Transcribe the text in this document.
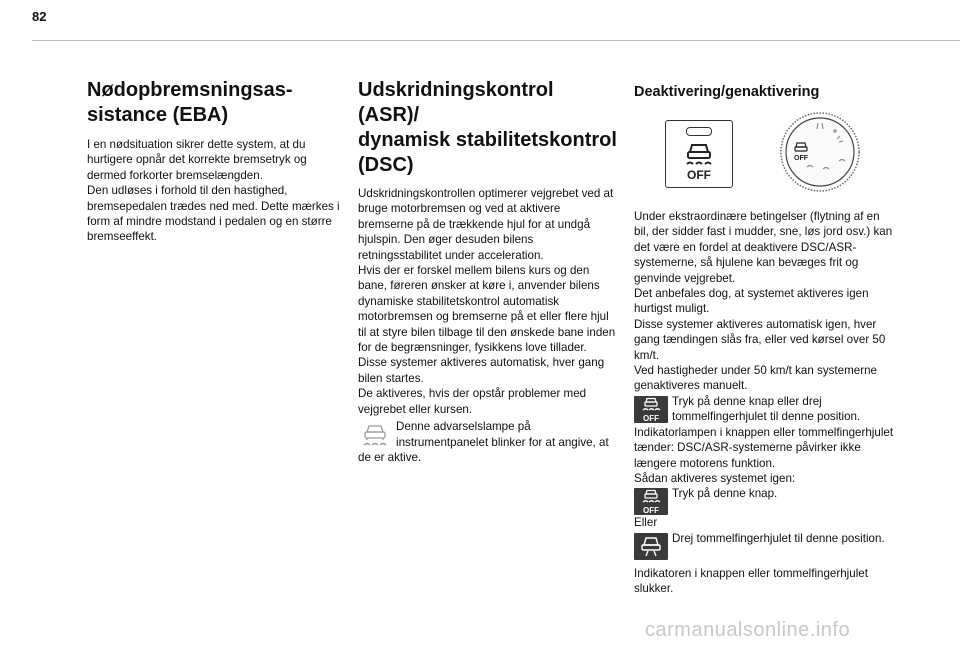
82
Nødopbremsningsas-
sistance (EBA)
I en nødsituation sikrer dette system, at du hurtigere opnår det korrekte bremsetryk og dermed forkorter bremselængden.
Den udløses i forhold til den hastighed, bremsepedalen trædes ned med. Dette mærkes i form af mindre modstand i pedalen og en større bremseeffekt.
Udskridningskontrol (ASR)/
dynamisk stabilitetskontrol
(DSC)
Udskridningskontrollen optimerer vejgrebet ved at bruge motorbremsen og ved at aktivere bremserne på de trækkende hjul for at undgå hjulspin. Den øger desuden bilens retningsstabilitet under acceleration.
Hvis der er forskel mellem bilens kurs og den bane, føreren ønsker at køre i, anvender bilens dynamiske stabilitetskontrol automatisk motorbremsen og bremserne på et eller flere hjul til at styre bilen tilbage til den ønskede bane inden for de begrænsninger, fysikkens love tillader.
Disse systemer aktiveres automatisk, hver gang bilen startes.
De aktiveres, hvis der opstår problemer med vejgrebet eller kursen.
Denne advarselslampe på instrumentpanelet blinker for at angive, at de er aktive.
Deaktivering/genaktivering
OFF
OFF
Under ekstraordinære betingelser (flytning af en bil, der sidder fast i mudder, sne, løs jord osv.) kan det være en fordel at deaktivere DSC/ASR-systemerne, så hjulene kan bevæges frit og genvinde vejgrebet.
Det anbefales dog, at systemet aktiveres igen hurtigst muligt.
Disse systemer aktiveres automatisk igen, hver gang tændingen slås fra, eller ved kørsel over 50 km/t.
Ved hastigheder under 50 km/t kan systemerne genaktiveres manuelt.
OFF
Tryk på denne knap eller drej tommelfingerhjulet til denne position.
Indikatorlampen i knappen eller tommelfingerhjulet tænder: DSC/ASR-systemerne påvirker ikke længere motorens funktion.
Sådan aktiveres systemet igen:
OFF
Tryk på denne knap.
Eller
Drej tommelfingerhjulet til denne position.
Indikatoren i knappen eller tommelfingerhjulet slukker.
carmanualsonline.info
